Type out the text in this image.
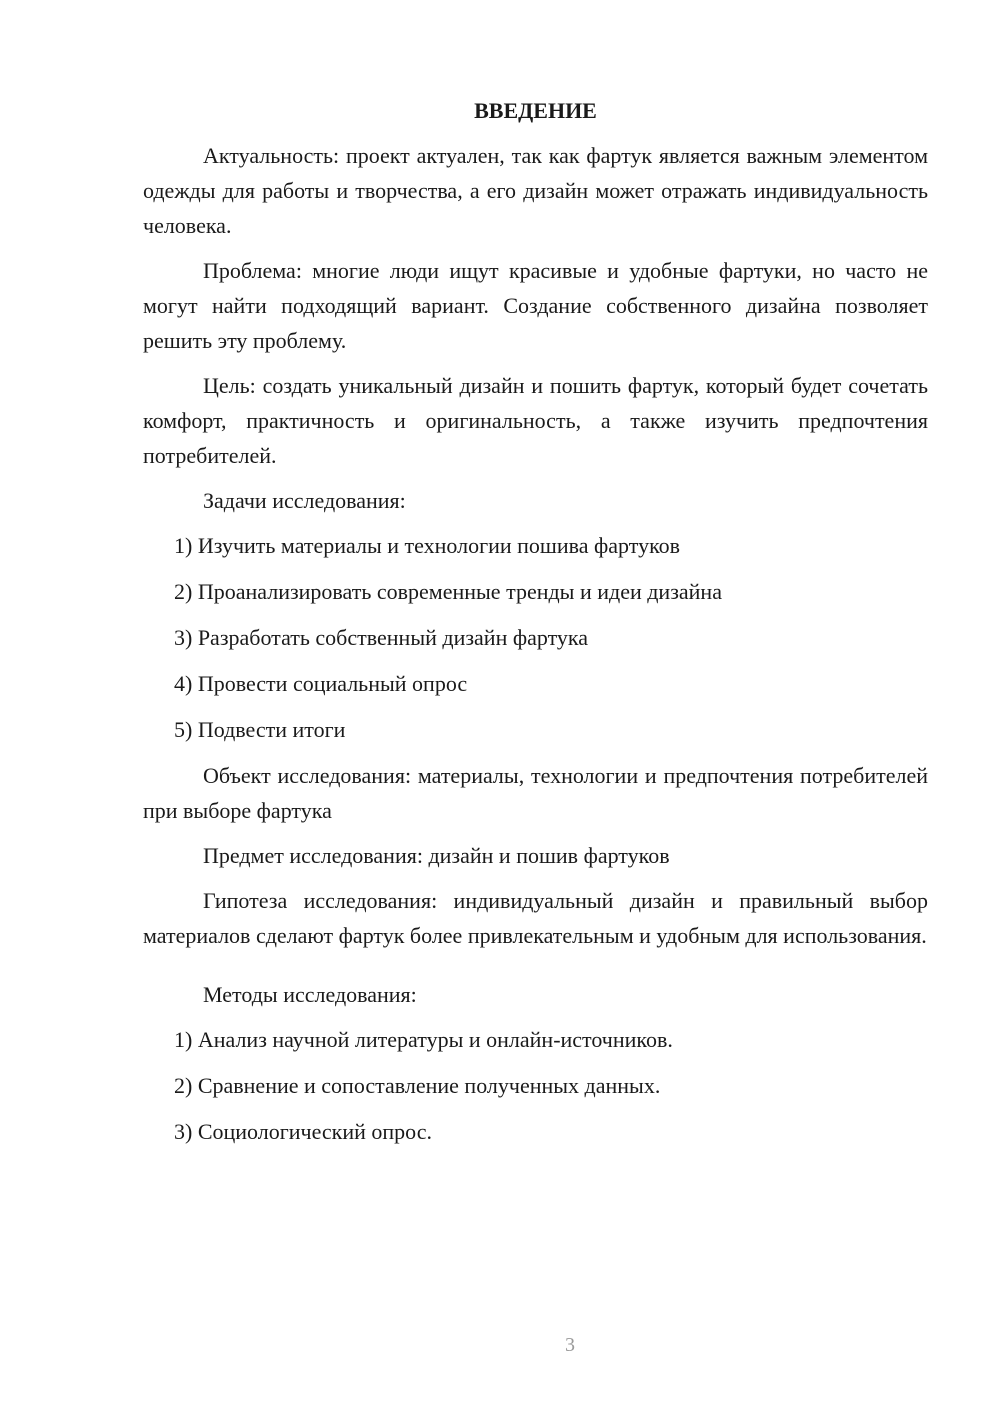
ВВЕДЕНИЕ

Актуальность: проект актуален, так как фартук является важным элементом одежды для работы и творчества, а его дизайн может отражать индивидуальность человека.

Проблема: многие люди ищут красивые и удобные фартуки, но часто не могут найти подходящий вариант. Создание собственного дизайна позволяет решить эту проблему.

Цель: создать уникальный дизайн и пошить фартук, который будет сочетать комфорт, практичность и оригинальность, а также изучить предпочтения потребителей.

Задачи исследования:

1) Изучить материалы и технологии пошива фартуков
2) Проанализировать современные тренды и идеи дизайна
3) Разработать собственный дизайн фартука
4) Провести социальный опрос
5) Подвести итоги

Объект исследования: материалы, технологии и предпочтения потребителей при выборе фартука

Предмет исследования: дизайн и пошив фартуков

Гипотеза исследования: индивидуальный дизайн и правильный выбор материалов сделают фартук более привлекательным и удобным для использования.

Методы исследования:

1) Анализ научной литературы и онлайн-источников.
2) Сравнение и сопоставление полученных данных.
3) Социологический опрос.
3
